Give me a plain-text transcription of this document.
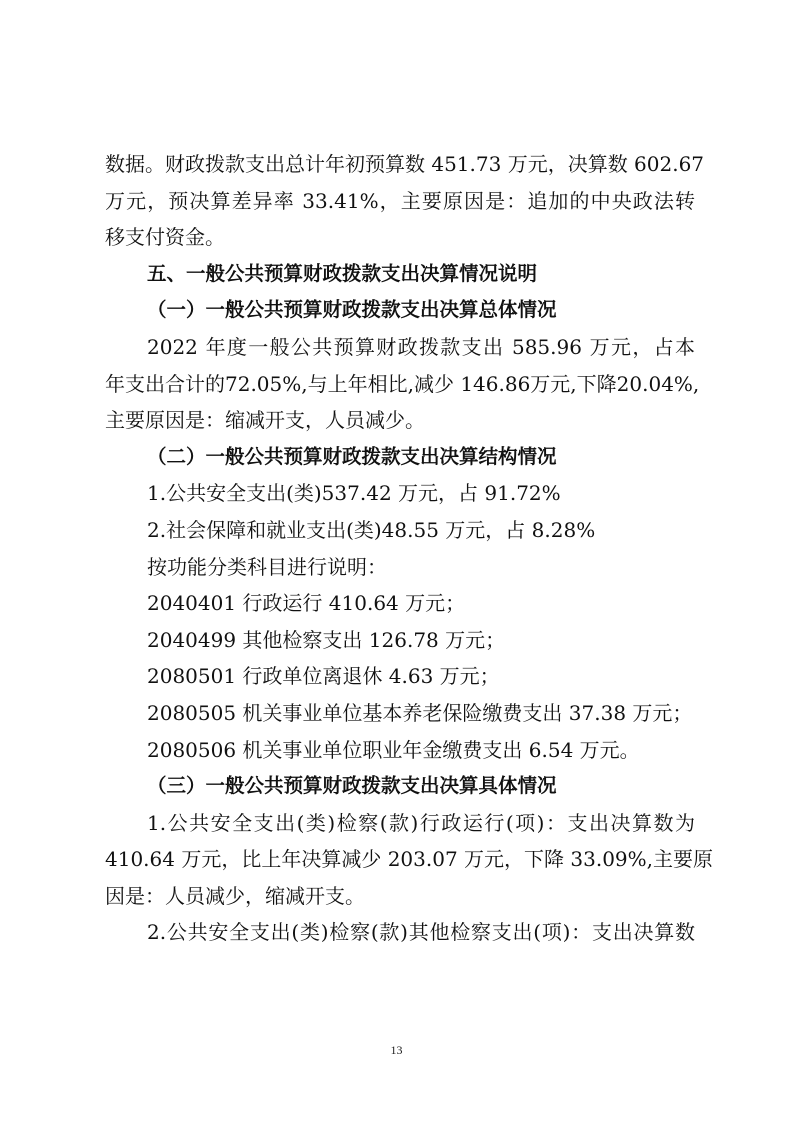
数据。财政拨款支出总计年初预算数 451.73 万元，决算数 602.67
万元，预决算差异率 33.41%，主要原因是：追加的中央政法转
移支付资金。
五、一般公共预算财政拨款支出决算情况说明
（一）一般公共预算财政拨款支出决算总体情况
2022 年度一般公共预算财政拨款支出 585.96 万元，占本
年支出合计的72.05%,与上年相比,减少 146.86万元,下降20.04%,
主要原因是：缩减开支，人员减少。
（二）一般公共预算财政拨款支出决算结构情况
1.公共安全支出(类)537.42 万元，占 91.72%
2.社会保障和就业支出(类)48.55 万元，占 8.28%
按功能分类科目进行说明：
2040401 行政运行 410.64 万元；
2040499 其他检察支出 126.78 万元；
2080501 行政单位离退休 4.63 万元；
2080505 机关事业单位基本养老保险缴费支出 37.38 万元；
2080506 机关事业单位职业年金缴费支出 6.54 万元。
（三）一般公共预算财政拨款支出决算具体情况
1.公共安全支出(类)检察(款)行政运行(项)：支出决算数为
410.64 万元，比上年决算减少 203.07 万元，下降 33.09%,主要原
因是：人员减少，缩减开支。
2.公共安全支出(类)检察(款)其他检察支出(项)：支出决算数
13
